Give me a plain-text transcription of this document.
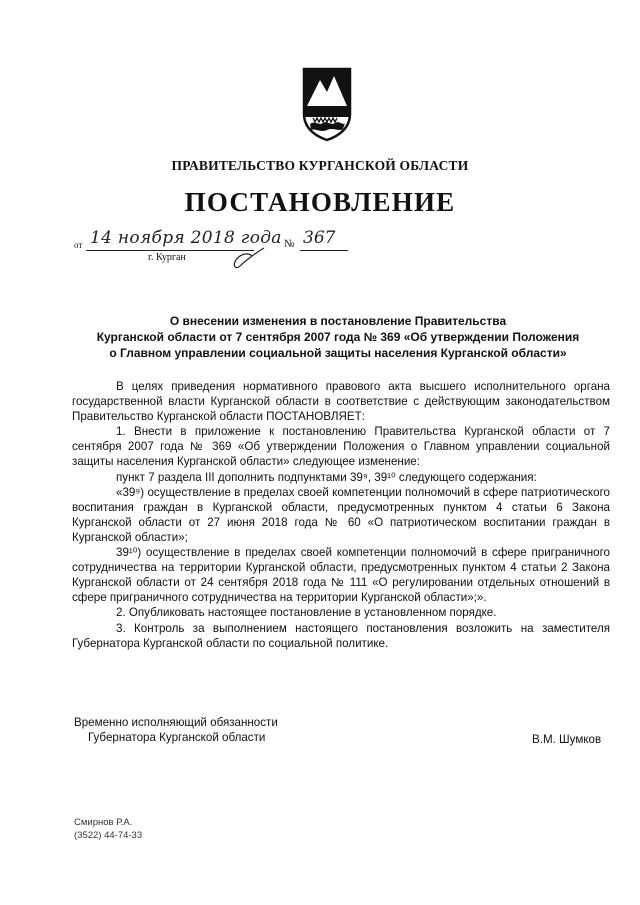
ПРАВИТЕЛЬСТВО КУРГАНСКОЙ ОБЛАСТИ
ПОСТАНОВЛЕНИЕ
от 14 ноября 2018 года № 367
г. Курган
О внесении изменения в постановление Правительства
Курганской области от 7 сентября 2007 года № 369 «Об утверждении Положения
о Главном управлении социальной защиты населения Курганской области»

В целях приведения нормативного правового акта высшего исполнительного органа государственной власти Курганской области в соответствие с действующим законодательством Правительство Курганской области ПОСТАНОВЛЯЕТ:

1. Внести в приложение к постановлению Правительства Курганской области от 7 сентября 2007 года № 369 «Об утверждении Положения о Главном управлении социальной защиты населения Курганской области» следующее изменение:

пункт 7 раздела III дополнить подпунктами 39⁹, 39¹⁰ следующего содержания:

«39⁹) осуществление в пределах своей компетенции полномочий в сфере патриотического воспитания граждан в Курганской области, предусмотренных пунктом 4 статьи 6 Закона Курганской области от 27 июня 2018 года № 60 «О патриотическом воспитании граждан в Курганской области»;

39¹⁰) осуществление в пределах своей компетенции полномочий в сфере приграничного сотрудничества на территории Курганской области, предусмотренных пунктом 4 статьи 2 Закона Курганской области от 24 сентября 2018 года № 111 «О регулировании отдельных отношений в сфере приграничного сотрудничества на территории Курганской области»;».

2. Опубликовать настоящее постановление в установленном порядке.

3. Контроль за выполнением настоящего постановления возложить на заместителя Губернатора Курганской области по социальной политике.

Временно исполняющий обязанности
Губернатора Курганской области	В.М. Шумков
Смирнов Р.А.
(3522) 44-74-33
